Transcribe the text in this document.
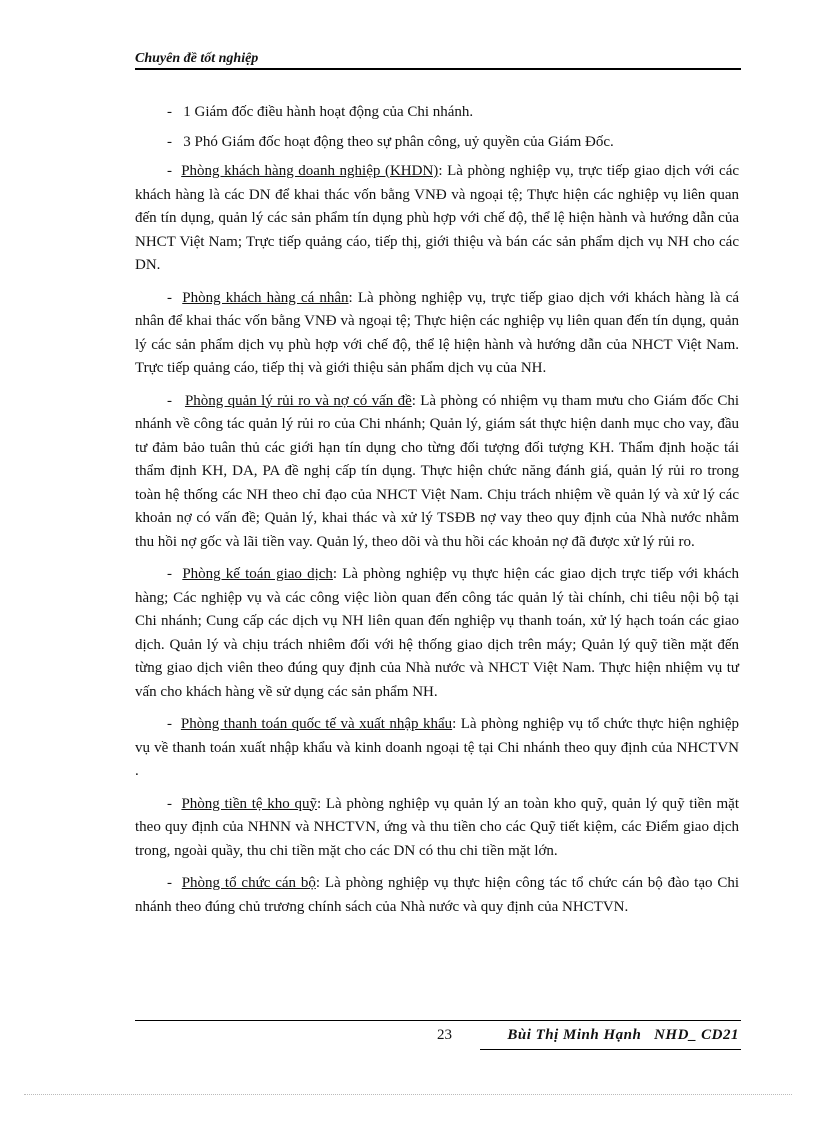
Chuyên đề tốt nghiệp

- 1 Giám đốc điều hành hoạt động của Chi nhánh.

- 3 Phó Giám đốc hoạt động theo sự phân công, uỷ quyền của Giám Đốc.

- Phòng khách hàng doanh nghiệp (KHDN): Là phòng nghiệp vụ, trực tiếp giao dịch với các khách hàng là các DN để khai thác vốn bằng VNĐ và ngoại tệ; Thực hiện các nghiệp vụ liên quan đến tín dụng, quản lý các sản phẩm tín dụng phù hợp với chế độ, thể lệ hiện hành và hướng dẫn của NHCT Việt Nam; Trực tiếp quảng cáo, tiếp thị, giới thiệu và bán các sản phẩm dịch vụ NH cho các DN.

- Phòng khách hàng cá nhân: Là phòng nghiệp vụ, trực tiếp giao dịch với khách hàng là cá nhân để khai thác vốn bằng VNĐ và ngoại tệ; Thực hiện các nghiệp vụ liên quan đến tín dụng, quản lý các sản phẩm dịch vụ phù hợp với chế độ, thể lệ hiện hành và hướng dẫn của NHCT Việt Nam. Trực tiếp quảng cáo, tiếp thị và giới thiệu sản phẩm dịch vụ của NH.

- Phòng quản lý rủi ro và nợ có vấn đề: Là phòng có nhiệm vụ tham mưu cho Giám đốc Chi nhánh về công tác quản lý rủi ro của Chi nhánh; Quản lý, giám sát thực hiện danh mục cho vay, đầu tư đảm bảo tuân thủ các giới hạn tín dụng cho từng đối tượng đối tượng KH. Thẩm định hoặc tái thẩm định KH, DA, PA đề nghị cấp tín dụng. Thực hiện chức năng đánh giá, quản lý rủi ro trong toàn hệ thống các NH theo chỉ đạo của NHCT Việt Nam. Chịu trách nhiệm về quản lý và xử lý các khoản nợ có vấn đề; Quản lý, khai thác và xử lý TSĐB nợ vay theo quy định của Nhà nước nhằm thu hồi nợ gốc và lãi tiền vay. Quản lý, theo dõi và thu hồi các khoản nợ đã được xử lý rủi ro.

- Phòng kế toán giao dịch: Là phòng nghiệp vụ thực hiện các giao dịch trực tiếp với khách hàng; Các nghiệp vụ và các công việc liòn quan đến công tác quản lý tài chính, chi tiêu nội bộ tại Chi nhánh; Cung cấp các dịch vụ NH liên quan đến nghiệp vụ thanh toán, xử lý hạch toán các giao dịch. Quản lý và chịu trách nhiêm đối với hệ thống giao dịch trên máy; Quản lý quỹ tiền mặt đến từng giao dịch viên theo đúng quy định của Nhà nước và NHCT Việt Nam. Thực hiện nhiệm vụ tư vấn cho khách hàng về sử dụng các sản phẩm NH.

- Phòng thanh toán quốc tế và xuất nhập khẩu: Là phòng nghiệp vụ tổ chức thực hiện nghiệp vụ về thanh toán xuất nhập khẩu và kinh doanh ngoại tệ tại Chi nhánh theo quy định của NHCTVN .

- Phòng tiền tệ kho quỹ: Là phòng nghiệp vụ quản lý an toàn kho quỹ, quản lý quỹ tiền mặt theo quy định của NHNN và NHCTVN, ứng và thu tiền cho các Quỹ tiết kiệm, các Điểm giao dịch trong, ngoài quầy, thu chi tiền mặt cho các DN có thu chi tiền mặt lớn.

- Phòng tổ chức cán bộ: Là phòng nghiệp vụ thực hiện công tác tổ chức cán bộ đào tạo Chi nhánh theo đúng chủ trương chính sách của Nhà nước và quy định của NHCTVN.

23	Bùi Thị Minh Hạnh   NHD_ CD21
